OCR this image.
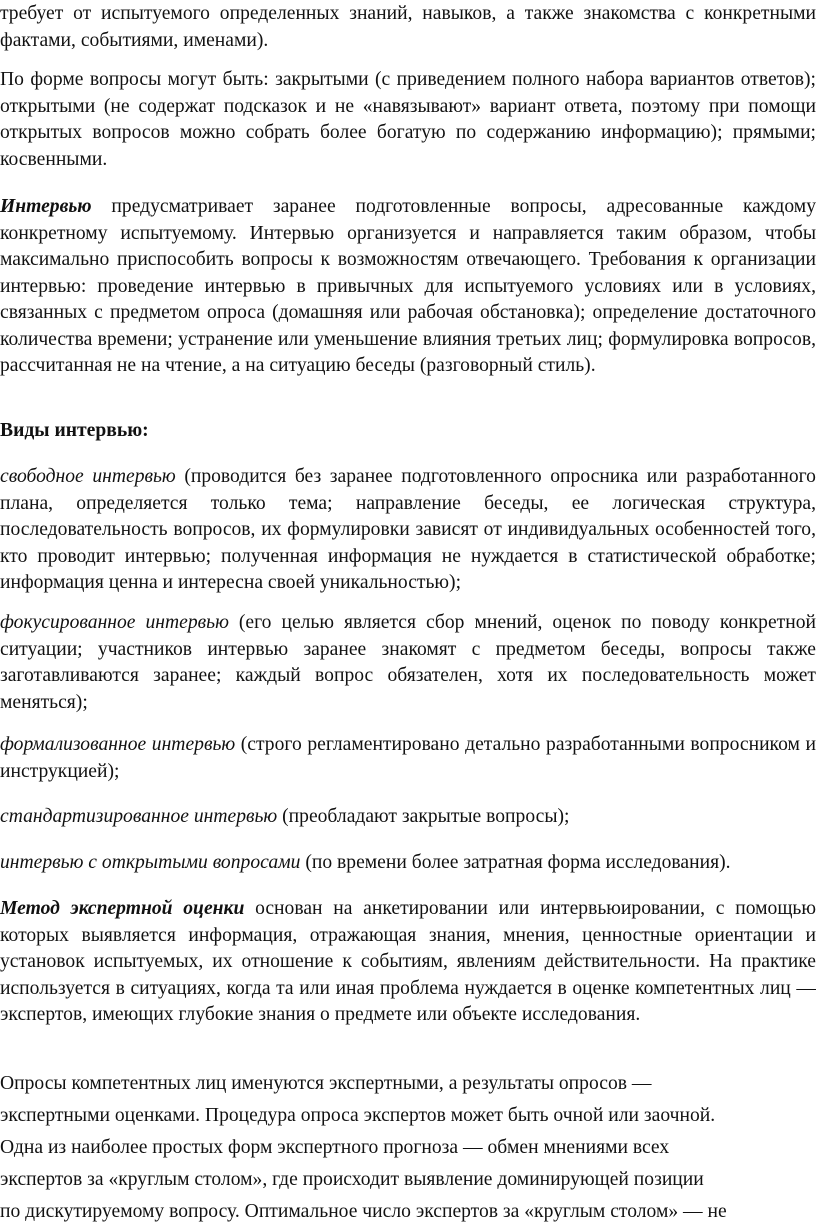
требует от испытуемого определенных знаний, навыков, а также знакомства с конкретными фактами, событиями, именами).

По форме вопросы могут быть: закрытыми (с приведением полного набора вариантов ответов); открытыми (не содержат подсказок и не «навязывают» вариант ответа, поэтому при помощи открытых вопросов можно собрать более богатую по содержанию информацию); прямыми; косвенными.

Интервью предусматривает заранее подготовленные вопросы, адресованные каждому конкретному испытуемому. Интервью организуется и направляется таким образом, чтобы максимально приспособить вопросы к возможностям отвечающего. Требования к организации интервью: проведение интервью в привычных для испытуемого условиях или в условиях, связанных с предметом опроса (домашняя или рабочая обстановка); определение достаточного количества времени; устранение или уменьшение влияния третьих лиц; формулировка вопросов, рассчитанная не на чтение, а на ситуацию беседы (разговорный стиль).

Виды интервью:

свободное интервью (проводится без заранее подготовленного опросника или разработанного плана, определяется только тема; направление беседы, ее логическая структура, последовательность вопросов, их формулировки зависят от индивидуальных особенностей того, кто проводит интервью; полученная информация не нуждается в статистической обработке; информация ценна и интересна своей уникальностью);

фокусированное интервью (его целью является сбор мнений, оценок по поводу конкретной ситуации; участников интервью заранее знакомят с предметом беседы, вопросы также заготавливаются заранее; каждый вопрос обязателен, хотя их последовательность может меняться);

формализованное интервью (строго регламентировано детально разработанными вопросником и инструкцией);

стандартизированное интервью (преобладают закрытые вопросы);

интервью с открытыми вопросами (по времени более затратная форма исследования).

Метод экспертной оценки основан на анкетировании или интервьюировании, с помощью которых выявляется информация, отражающая знания, мнения, ценностные ориентации и установок испытуемых, их отношение к событиям, явлениям действительности. На практике используется в ситуациях, когда та или иная проблема нуждается в оценке компетентных лиц — экспертов, имеющих глубокие знания о предмете или объекте исследования.

Опросы компетентных лиц именуются экспертными, а результаты опросов —
экспертными оценками. Процедура опроса экспертов может быть очной или заочной.
Одна из наиболее простых форм экспертного прогноза — обмен мнениями всех
экспертов за «круглым столом», где происходит выявление доминирующей позиции
по дискутируемому вопросу. Оптимальное число экспертов за «круглым столом» — не
